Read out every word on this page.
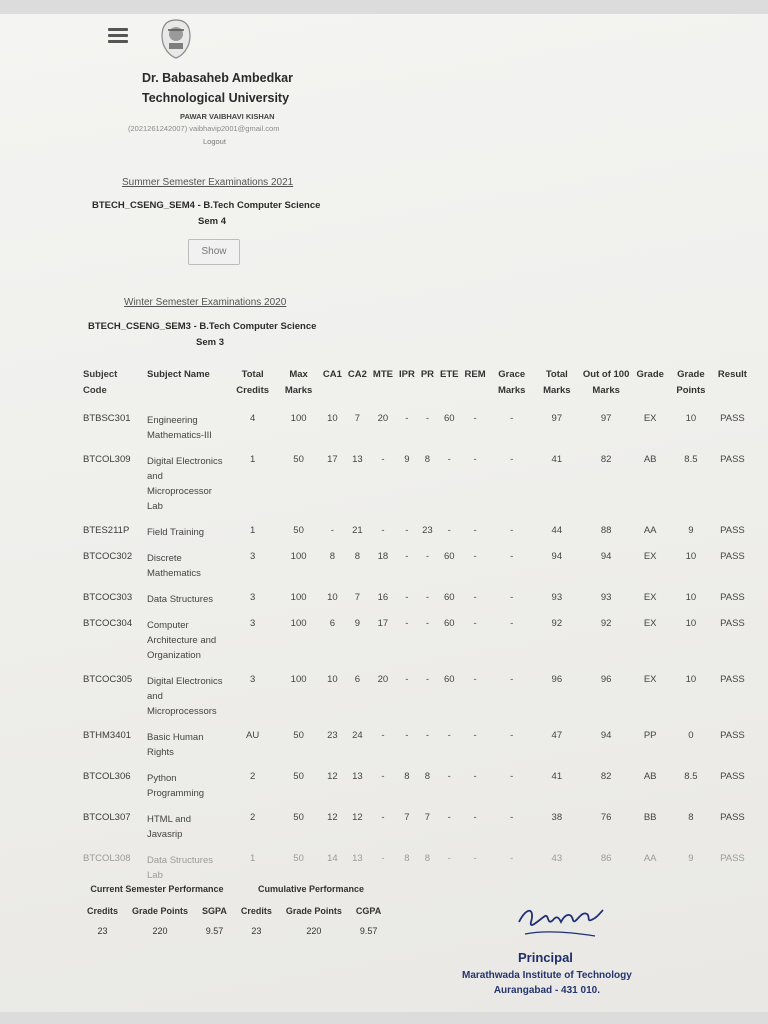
Dr. Babasaheb Ambedkar
Technological University
PAWAR VAIBHAVI KISHAN
(2021261242007) vaibhavip2001@gmail.com
Logout
Summer Semester Examinations 2021
BTECH_CSENG_SEM4 - B.Tech Computer Science
Sem 4
Show
Winter Semester Examinations 2020
BTECH_CSENG_SEM3 - B.Tech Computer Science
Sem 3
Subject Code	Subject Name	Total Credits	Max Marks	CA1	CA2	MTE	IPR	PR	ETE	REM	Grace Marks	Total Marks	Out of 100 Marks	Grade	Grade Points	Result
BTBSC301	Engineering Mathematics-III	4	100	10	7	20	-	-	60	-	-	97	97	EX	10	PASS
BTCOL309	Digital Electronics and Microprocessor Lab	1	50	17	13	-	9	8	-	-	-	41	82	AB	8.5	PASS
BTES211P	Field Training	1	50	-	21	-	-	23	-	-	-	44	88	AA	9	PASS
BTCOC302	Discrete Mathematics	3	100	8	8	18	-	-	60	-	-	94	94	EX	10	PASS
BTCOC303	Data Structures	3	100	10	7	16	-	-	60	-	-	93	93	EX	10	PASS
BTCOC304	Computer Architecture and Organization	3	100	6	9	17	-	-	60	-	-	92	92	EX	10	PASS
BTCOC305	Digital Electronics and Microprocessors	3	100	10	6	20	-	-	60	-	-	96	96	EX	10	PASS
BTHM3401	Basic Human Rights	AU	50	23	24	-	-	-	-	-	-	47	94	PP	0	PASS
BTCOL306	Python Programming	2	50	12	13	-	8	8	-	-	-	41	82	AB	8.5	PASS
BTCOL307	HTML and Javasrip	2	50	12	12	-	7	7	-	-	-	38	76	BB	8	PASS
BTCOL308	Data Structures Lab	1	50	14	13	-	8	8	-	-	-	43	86	AA	9	PASS
Current Semester Performance			Cumulative Performance		
Credits	Grade Points	SGPA	Credits	Grade Points	CGPA
23	220	9.57	23	220	9.57
Principal
Marathwada Institute of Technology
Aurangabad - 431 010.
